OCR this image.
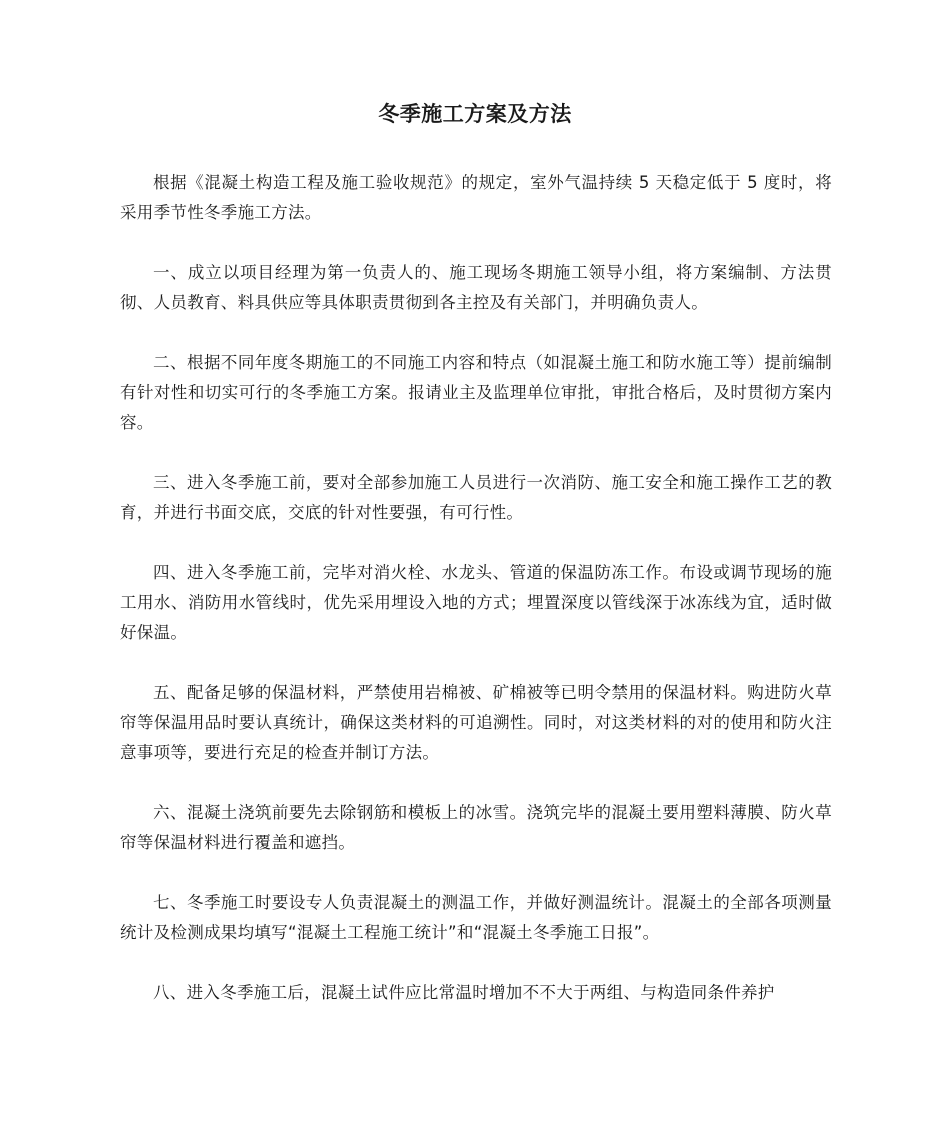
冬季施工方案及方法

根据《混凝土构造工程及施工验收规范》的规定，室外气温持续 5 天稳定低于 5 度时，将采用季节性冬季施工方法。

一、成立以项目经理为第一负责人的、施工现场冬期施工领导小组，将方案编制、方法贯彻、人员教育、料具供应等具体职责贯彻到各主控及有关部门，并明确负责人。

二、根据不同年度冬期施工的不同施工内容和特点（如混凝土施工和防水施工等）提前编制有针对性和切实可行的冬季施工方案。报请业主及监理单位审批，审批合格后，及时贯彻方案内容。

三、进入冬季施工前，要对全部参加施工人员进行一次消防、施工安全和施工操作工艺的教育，并进行书面交底，交底的针对性要强，有可行性。

四、进入冬季施工前，完毕对消火栓、水龙头、管道的保温防冻工作。布设或调节现场的施工用水、消防用水管线时，优先采用埋设入地的方式；埋置深度以管线深于冰冻线为宜，适时做好保温。

五、配备足够的保温材料，严禁使用岩棉被、矿棉被等已明令禁用的保温材料。购进防火草帘等保温用品时要认真统计，确保这类材料的可追溯性。同时，对这类材料的对的使用和防火注意事项等，要进行充足的检查并制订方法。

六、混凝土浇筑前要先去除钢筋和模板上的冰雪。浇筑完毕的混凝土要用塑料薄膜、防火草帘等保温材料进行覆盖和遮挡。

七、冬季施工时要设专人负责混凝土的测温工作，并做好测温统计。混凝土的全部各项测量统计及检测成果均填写“混凝土工程施工统计”和“混凝土冬季施工日报”。

八、进入冬季施工后，混凝土试件应比常温时增加不不大于两组、与构造同条件养护
